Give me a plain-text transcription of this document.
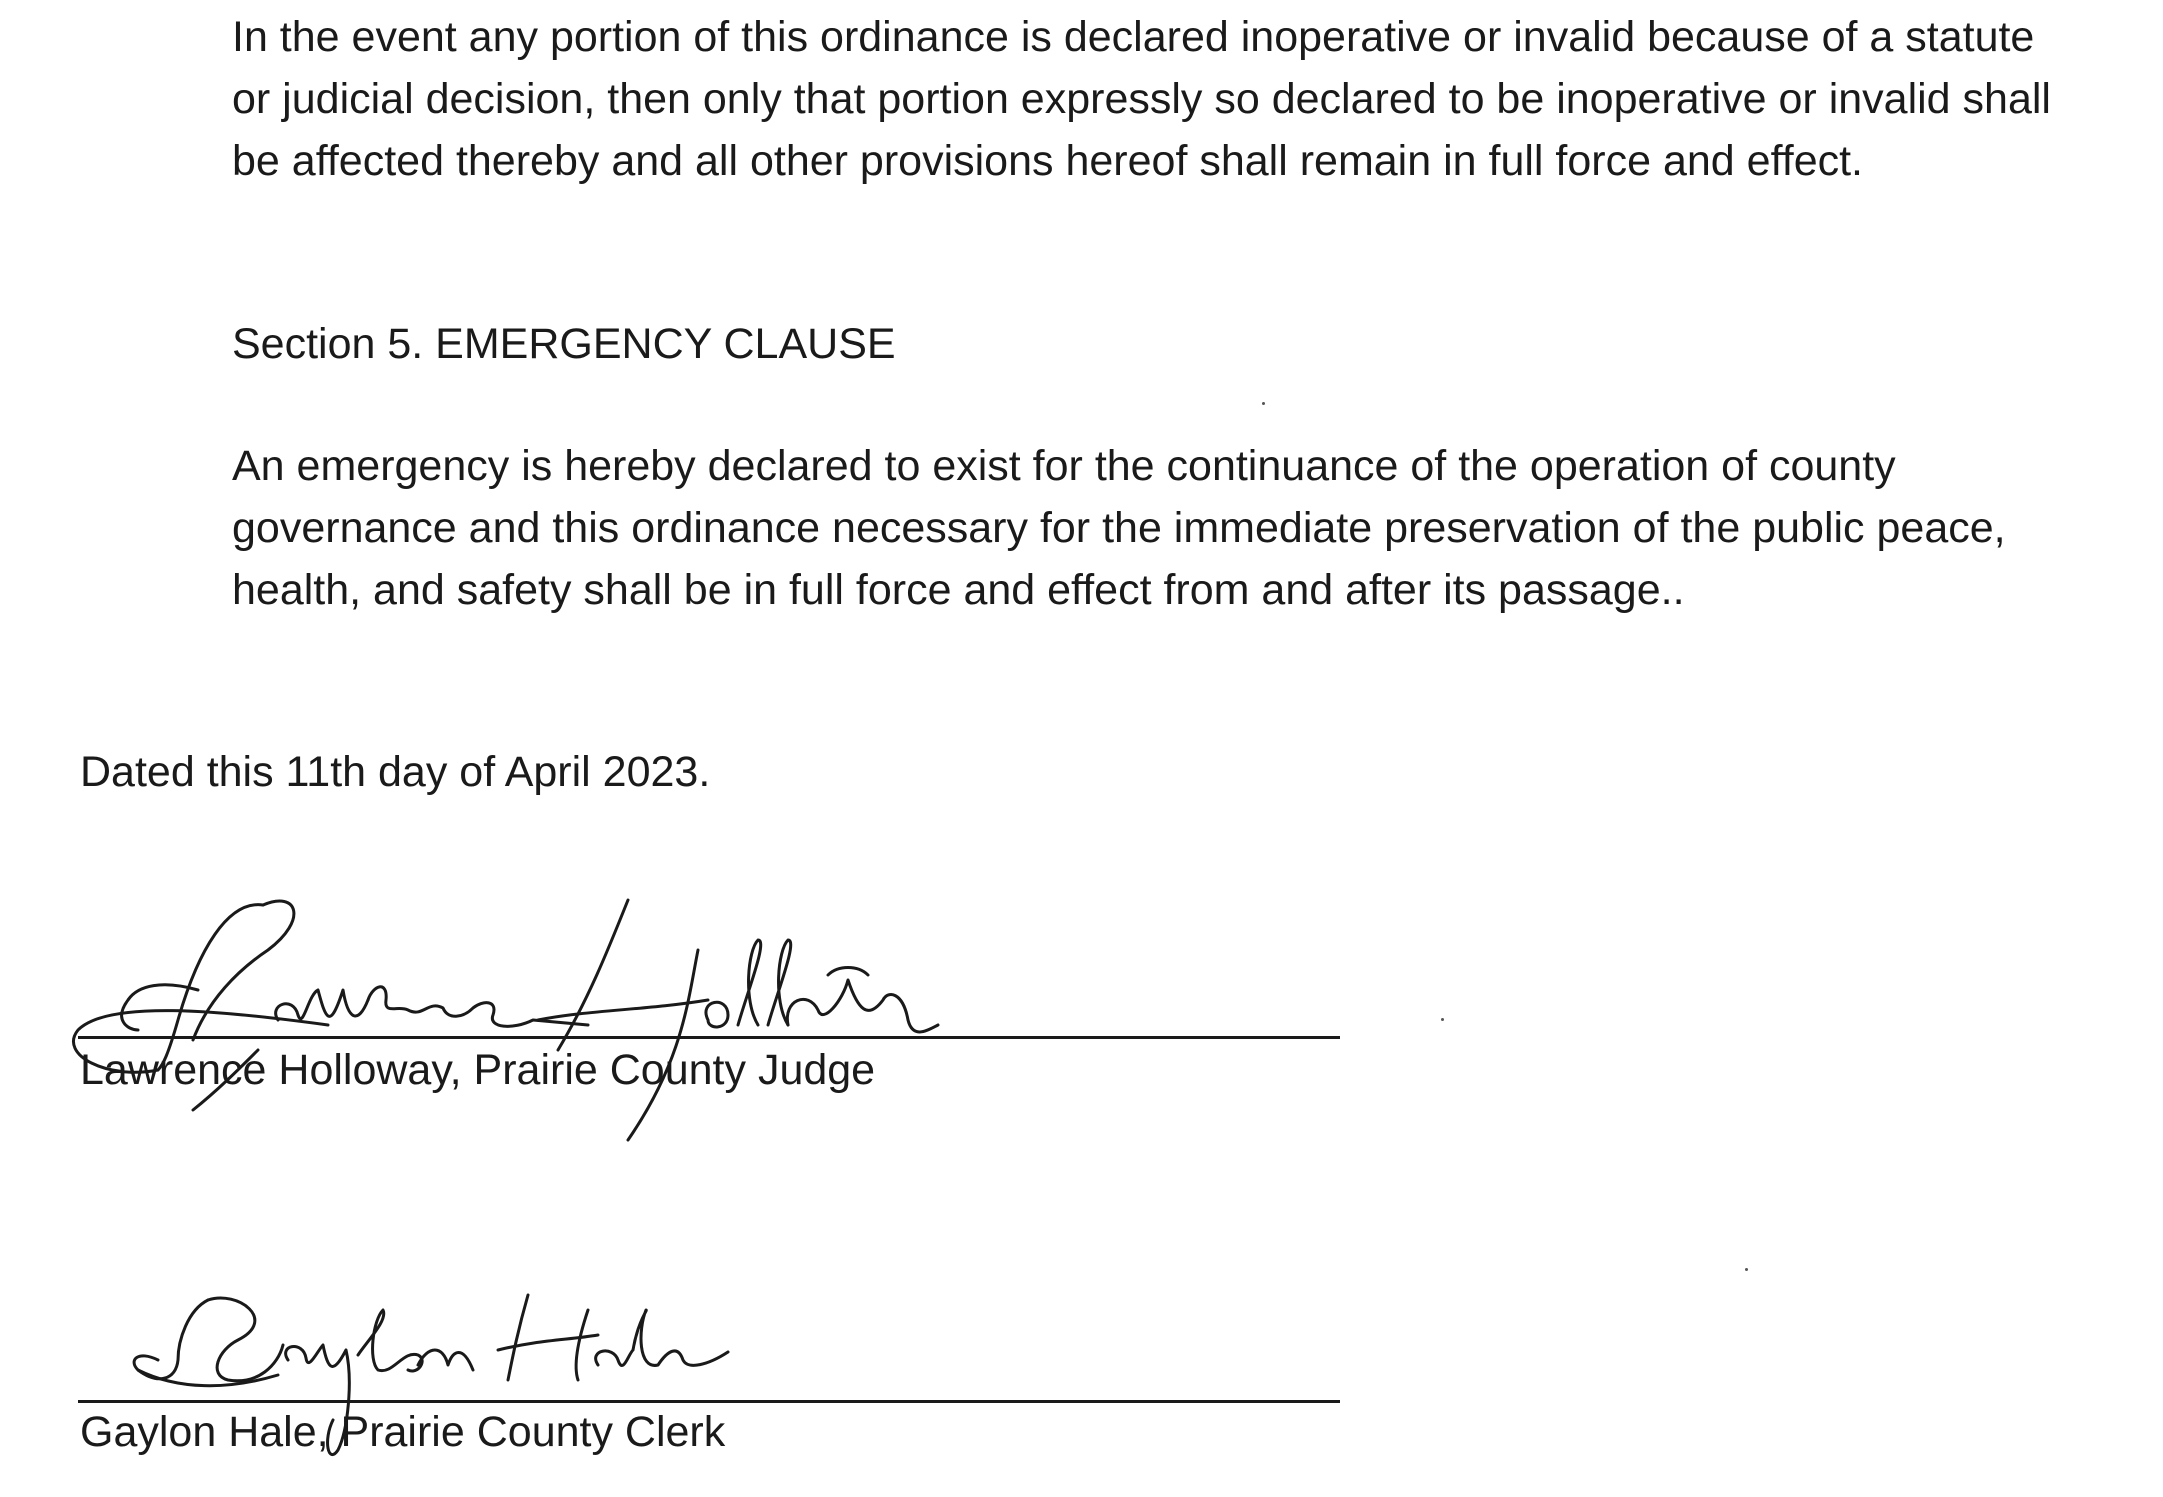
In the event any portion of this ordinance is declared inoperative or invalid because of a statute or judicial decision, then only that portion expressly so declared to be inoperative or invalid shall be affected thereby and all other provisions hereof shall remain in full force and effect.

Section 5. EMERGENCY CLAUSE

An emergency is hereby declared to exist for the continuance of the operation of county governance and this ordinance necessary for the immediate preservation of the public peace, health, and safety shall be in full force and effect from and after its passage..

Dated this 11th day of April 2023.

Lawrence Holloway, Prairie County Judge
Gaylon Hale, Prairie County Clerk
